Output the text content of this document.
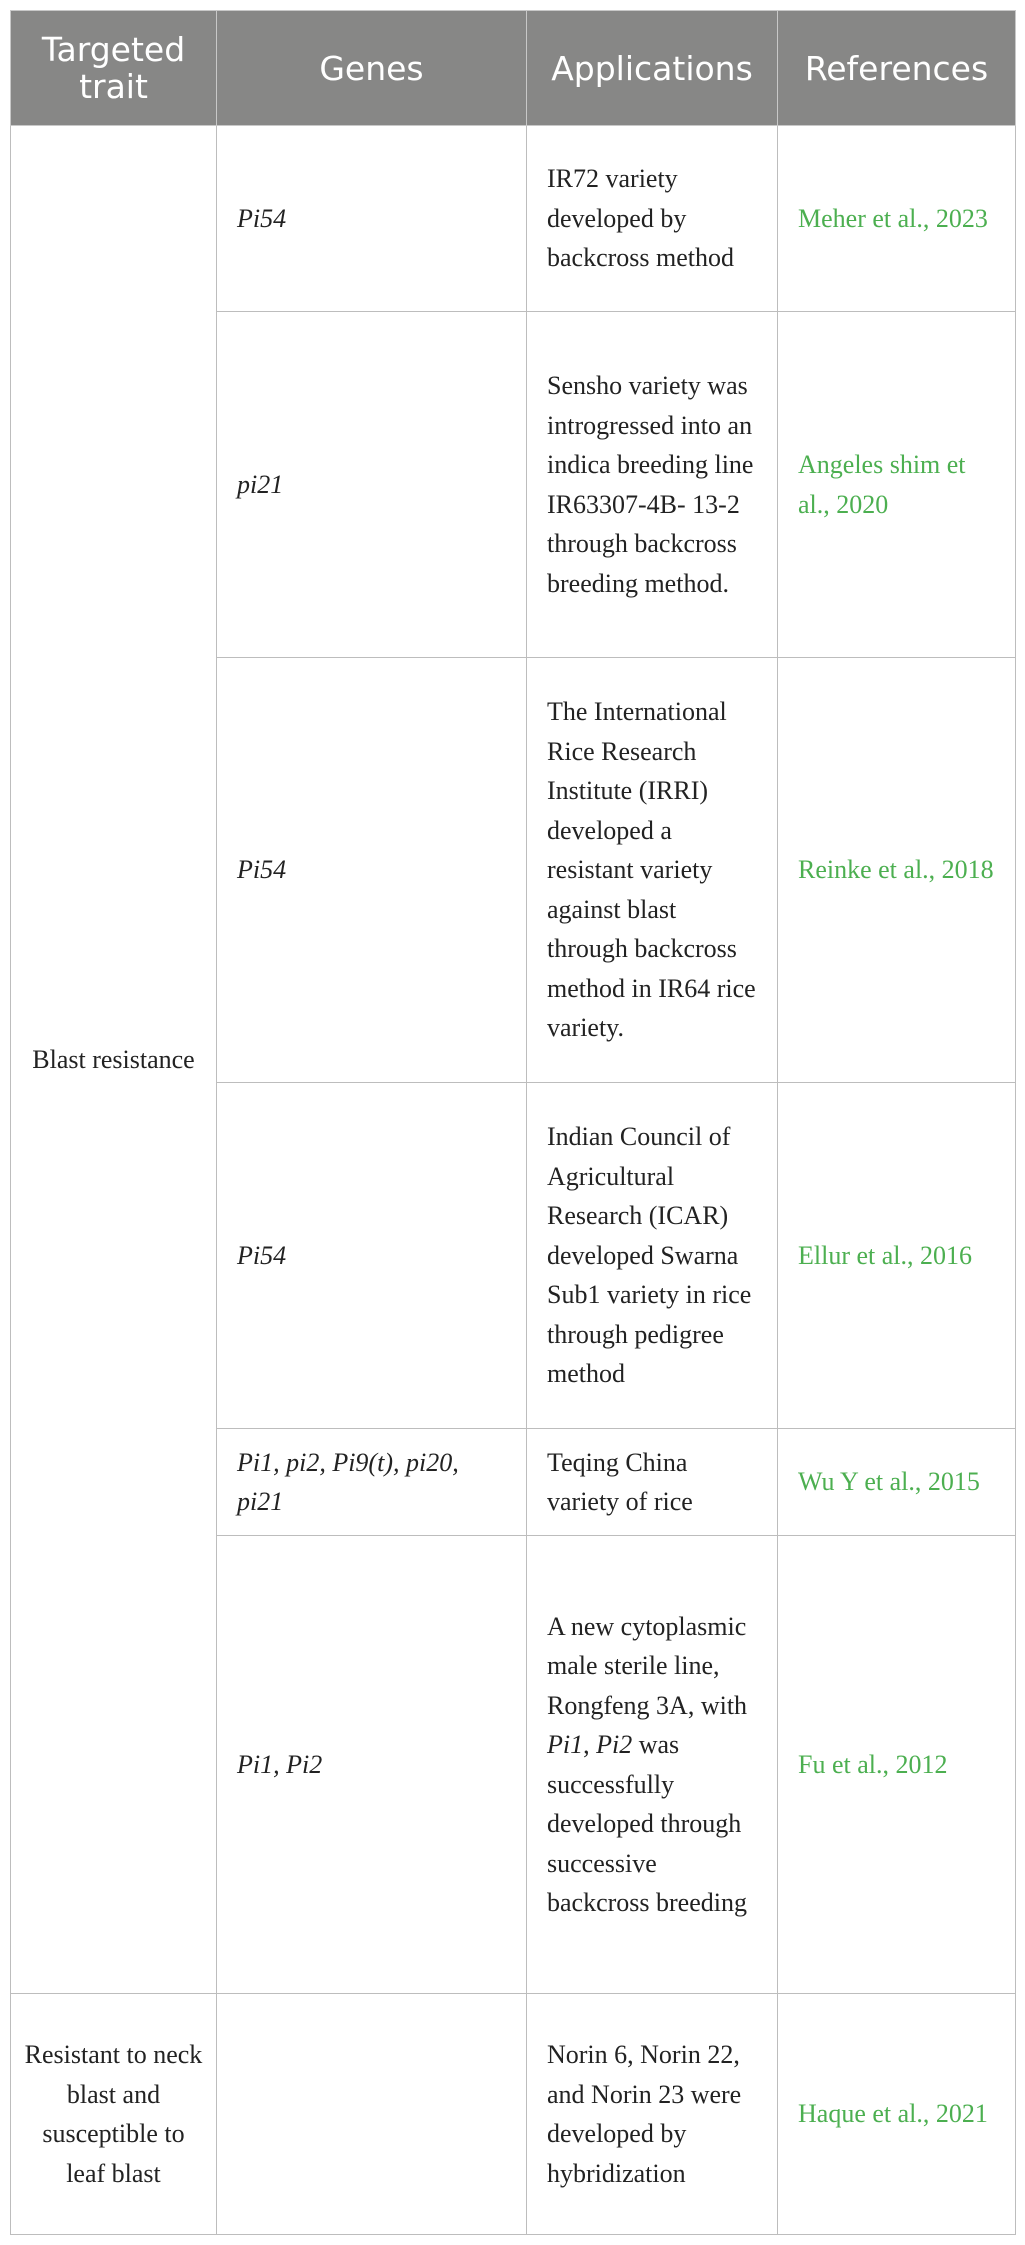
Targeted trait	Genes	Applications	References
Blast resistance	Pi54	IR72 variety developed by backcross method	Meher et al., 2023
	pi21	Sensho variety was introgressed into an indica breeding line IR63307-4B- 13-2 through backcross breeding method.	Angeles shim et al., 2020
	Pi54	The International Rice Research Institute (IRRI) developed a resistant variety against blast through backcross method in IR64 rice variety.	Reinke et al., 2018
	Pi54	Indian Council of Agricultural Research (ICAR) developed Swarna Sub1 variety in rice through pedigree method	Ellur et al., 2016
	Pi1, pi2, Pi9(t), pi20, pi21	Teqing China variety of rice	Wu Y et al., 2015
	Pi1, Pi2	A new cytoplasmic male sterile line, Rongfeng 3A, with Pi1, Pi2 was successfully developed through successive backcross breeding	Fu et al., 2012
Resistant to neck blast and susceptible to leaf blast		Norin 6, Norin 22, and Norin 23 were developed by hybridization	Haque et al., 2021
